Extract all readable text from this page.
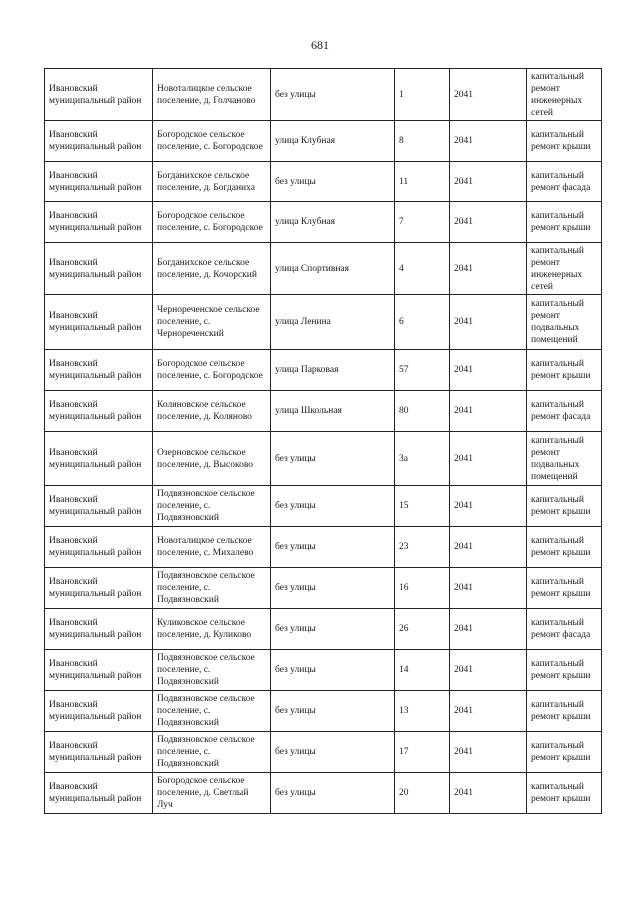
681
Ивановский муниципальный район	Новоталицкое сельское поселение, д. Голчаново	без улицы	1	2041	капитальный ремонт инженерных сетей
Ивановский муниципальный район	Богородское сельское поселение, с. Богородское	улица Клубная	8	2041	капитальный ремонт крыши
Ивановский муниципальный район	Богданихское сельское поселение, д. Богданиха	без улицы	11	2041	капитальный ремонт фасада
Ивановский муниципальный район	Богородское сельское поселение, с. Богородское	улица Клубная	7	2041	капитальный ремонт крыши
Ивановский муниципальный район	Богданихское сельское поселение, д. Кочорский	улица Спортивная	4	2041	капитальный ремонт инженерных сетей
Ивановский муниципальный район	Чернореченское сельское поселение, с. Чернореченский	улица Ленина	6	2041	капитальный ремонт подвальных помещений
Ивановский муниципальный район	Богородское сельское поселение, с. Богородское	улица Парковая	57	2041	капитальный ремонт крыши
Ивановский муниципальный район	Коляновское сельское поселение, д. Коляново	улица Школьная	80	2041	капитальный ремонт фасада
Ивановский муниципальный район	Озерновское сельское поселение, д. Высоково	без улицы	3а	2041	капитальный ремонт подвальных помещений
Ивановский муниципальный район	Подвязновское сельское поселение, с. Подвязновский	без улицы	15	2041	капитальный ремонт крыши
Ивановский муниципальный район	Новоталицкое сельское поселение, с. Михалево	без улицы	23	2041	капитальный ремонт крыши
Ивановский муниципальный район	Подвязновское сельское поселение, с. Подвязновский	без улицы	16	2041	капитальный ремонт крыши
Ивановский муниципальный район	Куликовское сельское поселение, д. Куликово	без улицы	26	2041	капитальный ремонт фасада
Ивановский муниципальный район	Подвязновское сельское поселение, с. Подвязновский	без улицы	14	2041	капитальный ремонт крыши
Ивановский муниципальный район	Подвязновское сельское поселение, с. Подвязновский	без улицы	13	2041	капитальный ремонт крыши
Ивановский муниципальный район	Подвязновское сельское поселение, с. Подвязновский	без улицы	17	2041	капитальный ремонт крыши
Ивановский муниципальный район	Богородское сельское поселение, д. Светлый Луч	без улицы	20	2041	капитальный ремонт крыши
